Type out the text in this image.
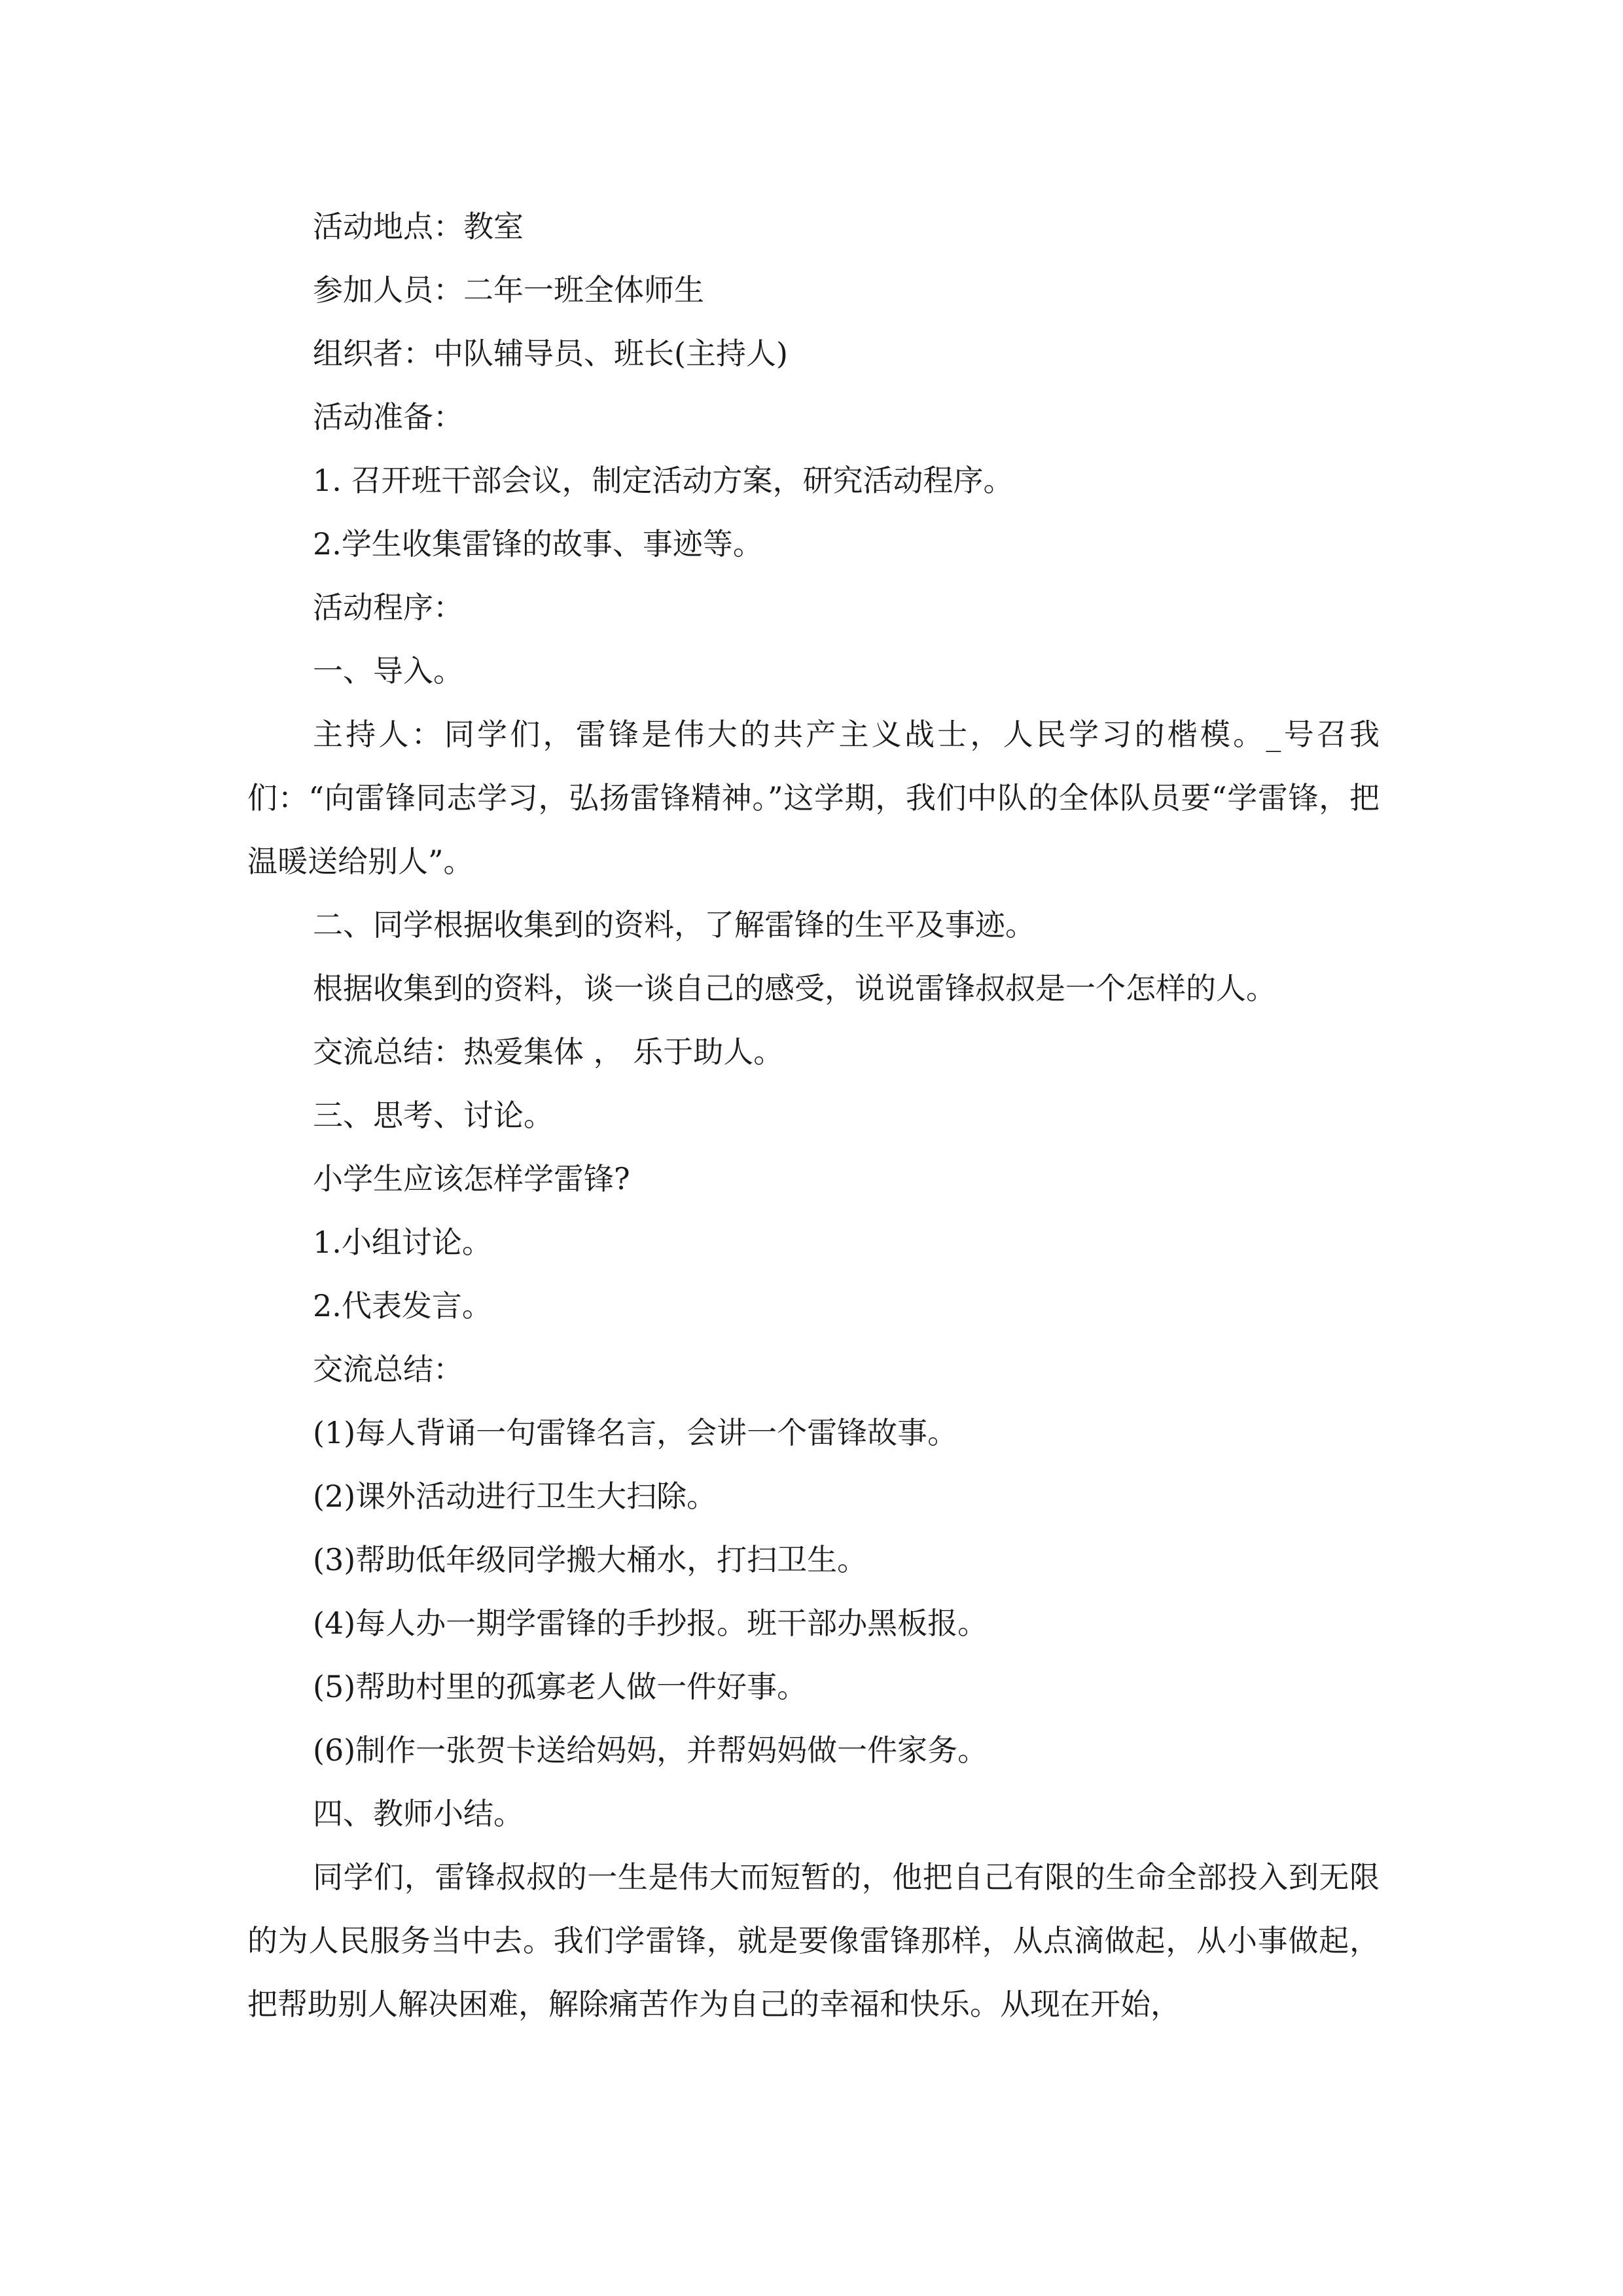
活动地点：教室

参加人员：二年一班全体师生

组织者：中队辅导员、班长(主持人)

活动准备：

1. 召开班干部会议，制定活动方案，研究活动程序。

2.学生收集雷锋的故事、事迹等。

活动程序：

一、导入。

主持人：同学们，雷锋是伟大的共产主义战士，人民学习的楷模。_号召我们：“向雷锋同志学习，弘扬雷锋精神。”这学期，我们中队的全体队员要“学雷锋，把温暖送给别人”。

二、同学根据收集到的资料，了解雷锋的生平及事迹。

根据收集到的资料，谈一谈自己的感受，说说雷锋叔叔是一个怎样的人。

交流总结：热爱集体 ， 乐于助人。

三、思考、讨论。

小学生应该怎样学雷锋?

1.小组讨论。

2.代表发言。

交流总结：

(1)每人背诵一句雷锋名言，会讲一个雷锋故事。

(2)课外活动进行卫生大扫除。

(3)帮助低年级同学搬大桶水，打扫卫生。

(4)每人办一期学雷锋的手抄报。班干部办黑板报。

(5)帮助村里的孤寡老人做一件好事。

(6)制作一张贺卡送给妈妈，并帮妈妈做一件家务。

四、教师小结。

同学们，雷锋叔叔的一生是伟大而短暂的，他把自己有限的生命全部投入到无限的为人民服务当中去。我们学雷锋，就是要像雷锋那样，从点滴做起，从小事做起，把帮助别人解决困难，解除痛苦作为自己的幸福和快乐。从现在开始，
